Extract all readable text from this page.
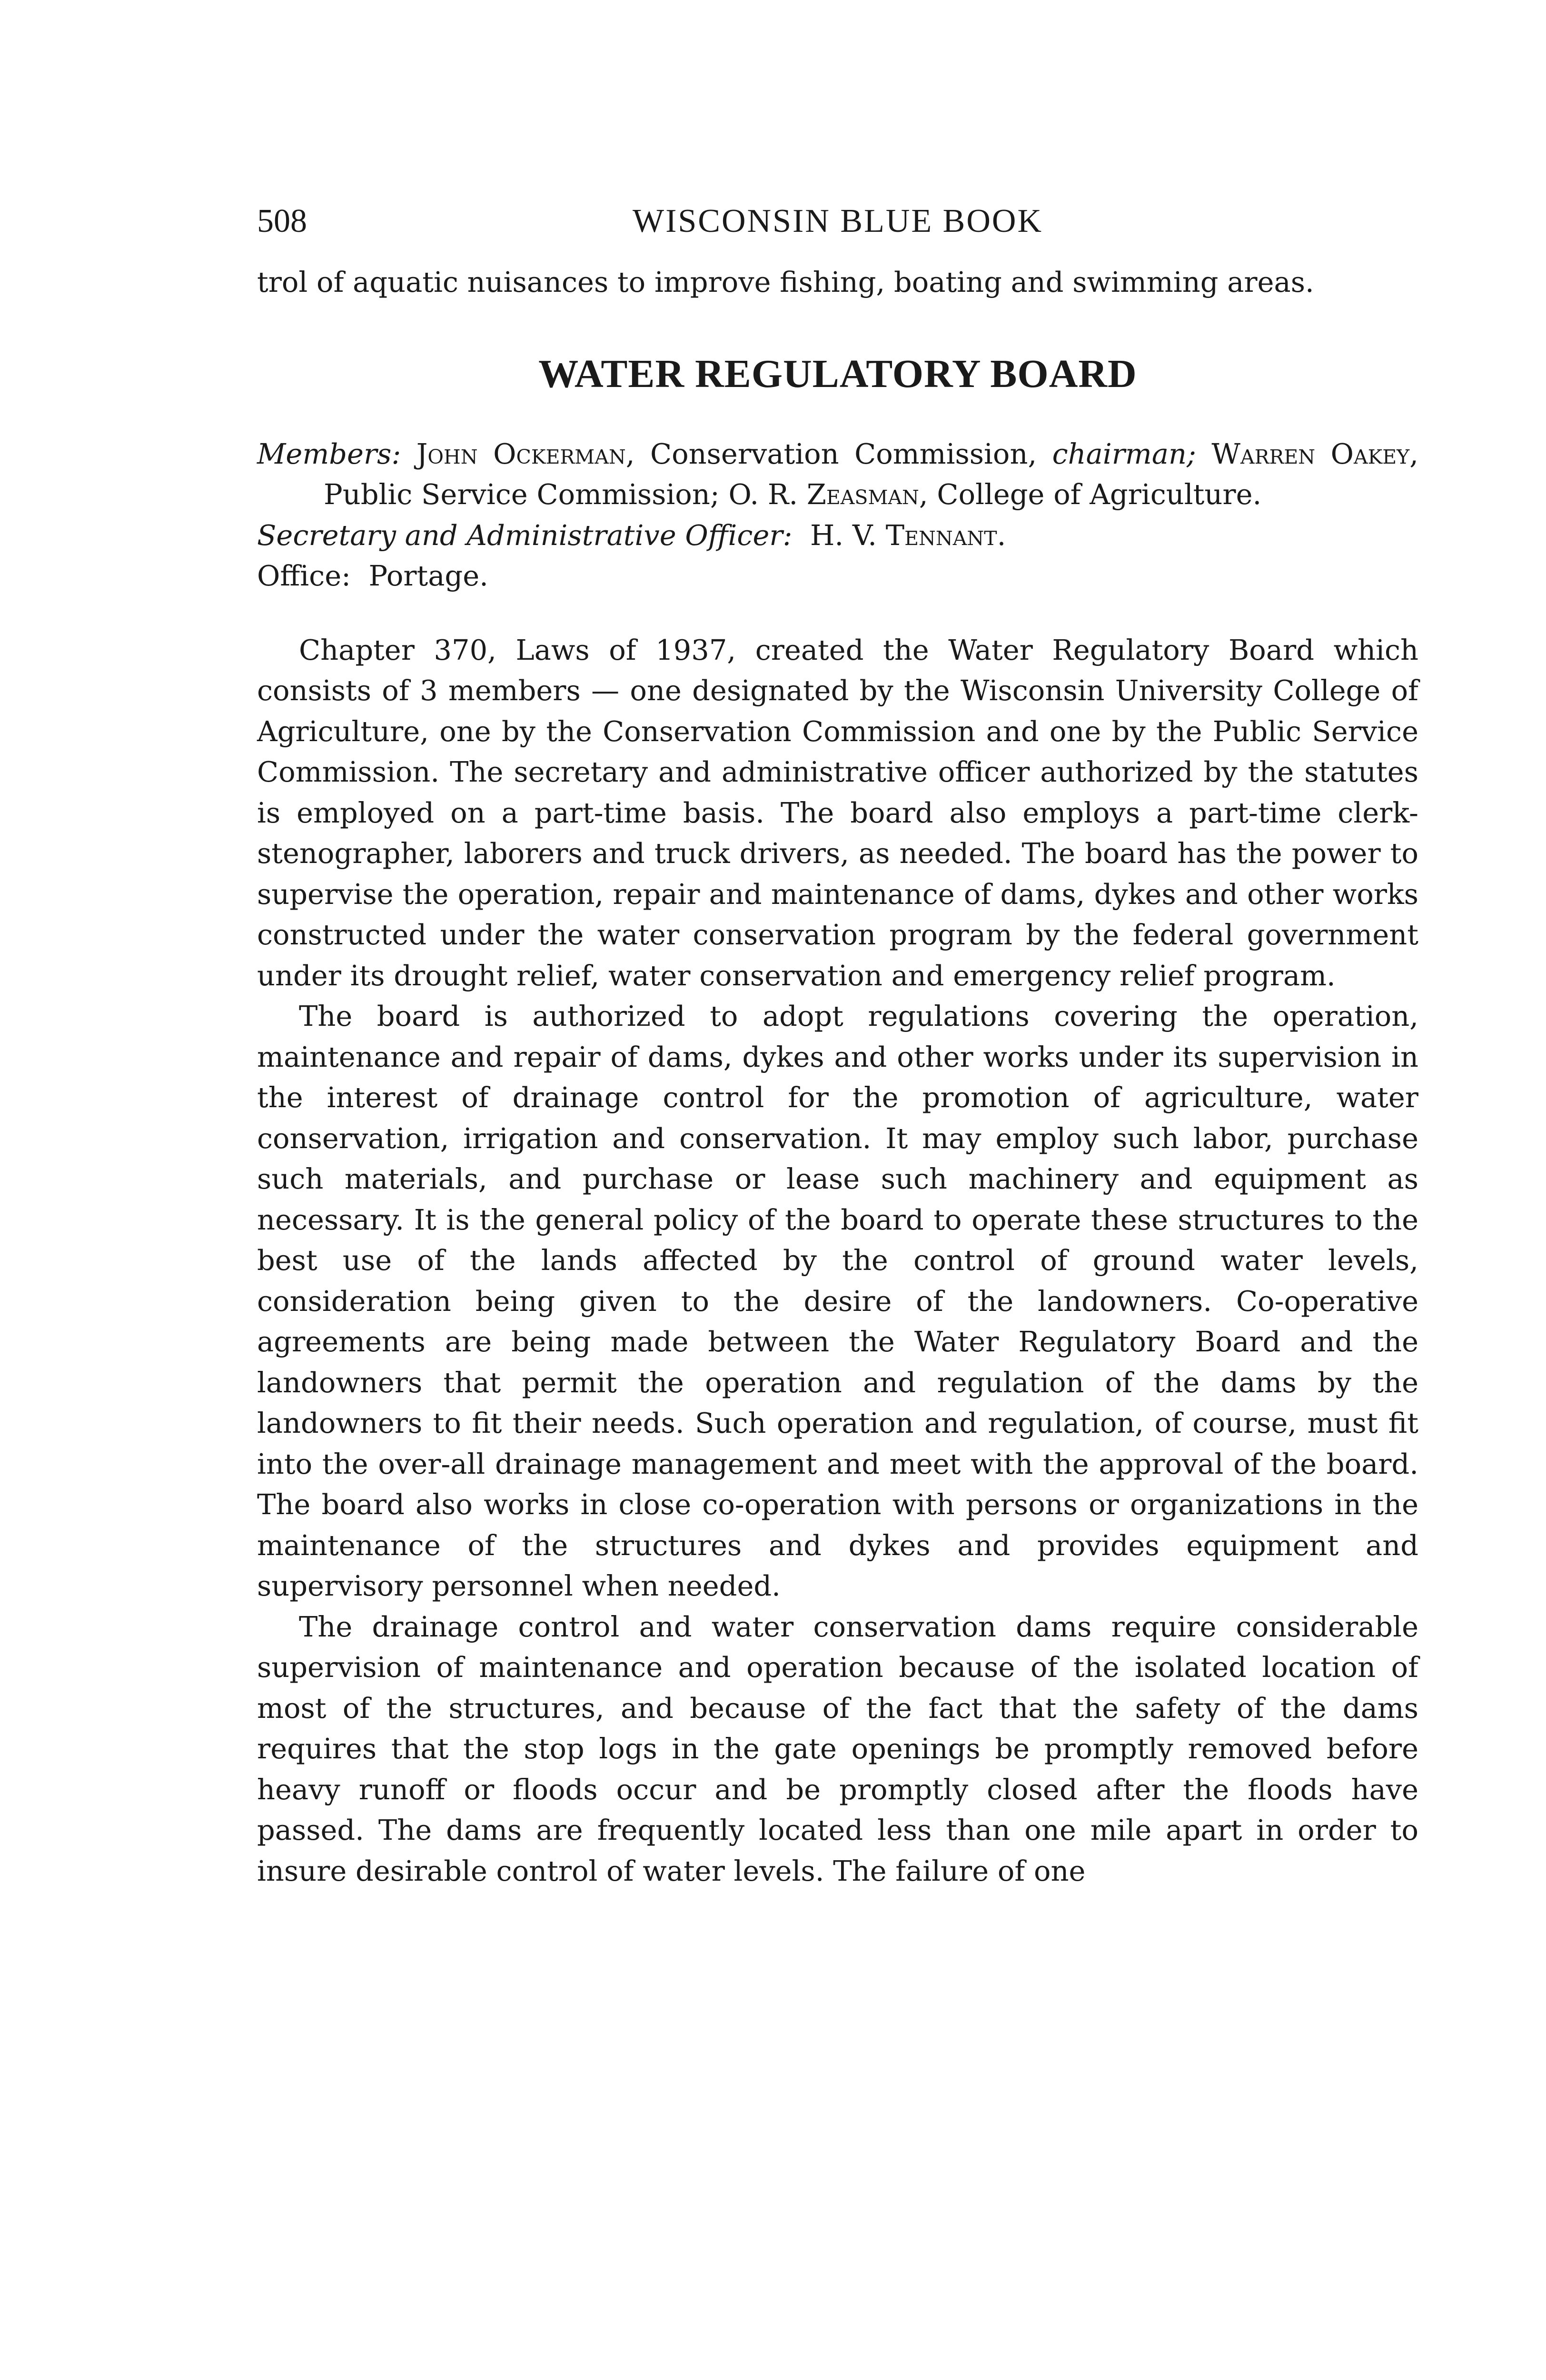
508	WISCONSIN BLUE BOOK

trol of aquatic nuisances to improve fishing, boating and swimming areas.

WATER REGULATORY BOARD
Members: John Ockerman, Conservation Commission, chairman; Warren Oakey, Public Service Commission; O. R. Zeasman, College of Agriculture.
Secretary and Administrative Officer: H. V. Tennant.
Office: Portage.

Chapter 370, Laws of 1937, created the Water Regulatory Board which consists of 3 members — one designated by the Wisconsin University College of Agriculture, one by the Conservation Commission and one by the Public Service Commission. The secretary and administrative officer authorized by the statutes is employed on a part-time basis. The board also employs a part-time clerk-stenographer, laborers and truck drivers, as needed. The board has the power to supervise the operation, repair and maintenance of dams, dykes and other works constructed under the water conservation program by the federal government under its drought relief, water conservation and emergency relief program.

The board is authorized to adopt regulations covering the operation, maintenance and repair of dams, dykes and other works under its supervision in the interest of drainage control for the promotion of agriculture, water conservation, irrigation and conservation. It may employ such labor, purchase such materials, and purchase or lease such machinery and equipment as necessary. It is the general policy of the board to operate these structures to the best use of the lands affected by the control of ground water levels, consideration being given to the desire of the landowners. Co-operative agreements are being made between the Water Regulatory Board and the landowners that permit the operation and regulation of the dams by the landowners to fit their needs. Such operation and regulation, of course, must fit into the over-all drainage management and meet with the approval of the board. The board also works in close co-operation with persons or organizations in the maintenance of the structures and dykes and provides equipment and supervisory personnel when needed.

The drainage control and water conservation dams require considerable supervision of maintenance and operation because of the isolated location of most of the structures, and because of the fact that the safety of the dams requires that the stop logs in the gate openings be promptly removed before heavy runoff or floods occur and be promptly closed after the floods have passed. The dams are frequently located less than one mile apart in order to insure desirable control of water levels. The failure of one
